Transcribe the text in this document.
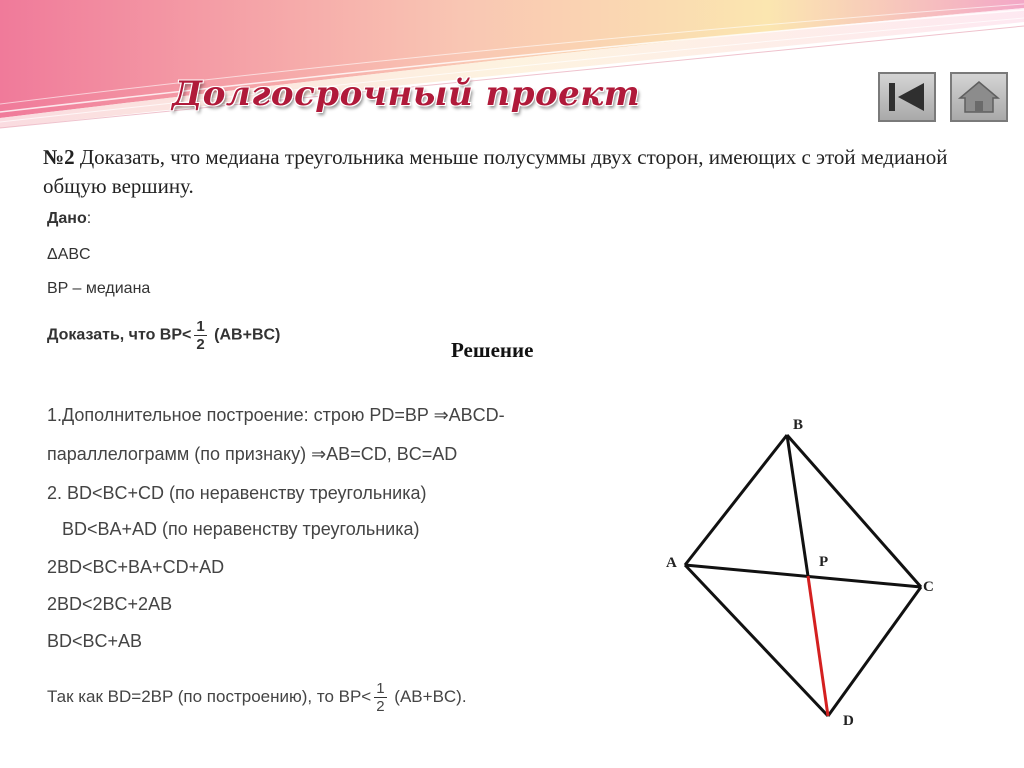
Долгосрочный проект
№2 Доказать, что медиана треугольника меньше полусуммы двух сторон, имеющих с этой медианой общую вершину.
Дано:
ΔABC
BP – медиана
Доказать, что $BP< \frac{1}{2} (AB+BC)$
Решение
1.Дополнительное построение: строю PD=BP ⇒ABCD-
параллелограмм (по признаку) ⇒AB=CD, BC=AD
2. BD<BC+CD (по неравенству треугольника)
BD<BA+AD (по неравенству треугольника)
2BD<BC+BA+CD+AD
2BD<2BC+2AB
BD<BC+AB
Так как BD=2BP (по построению), то $BP< \frac{1}{2} (AB+BC)$.
B
A
C
D
P
